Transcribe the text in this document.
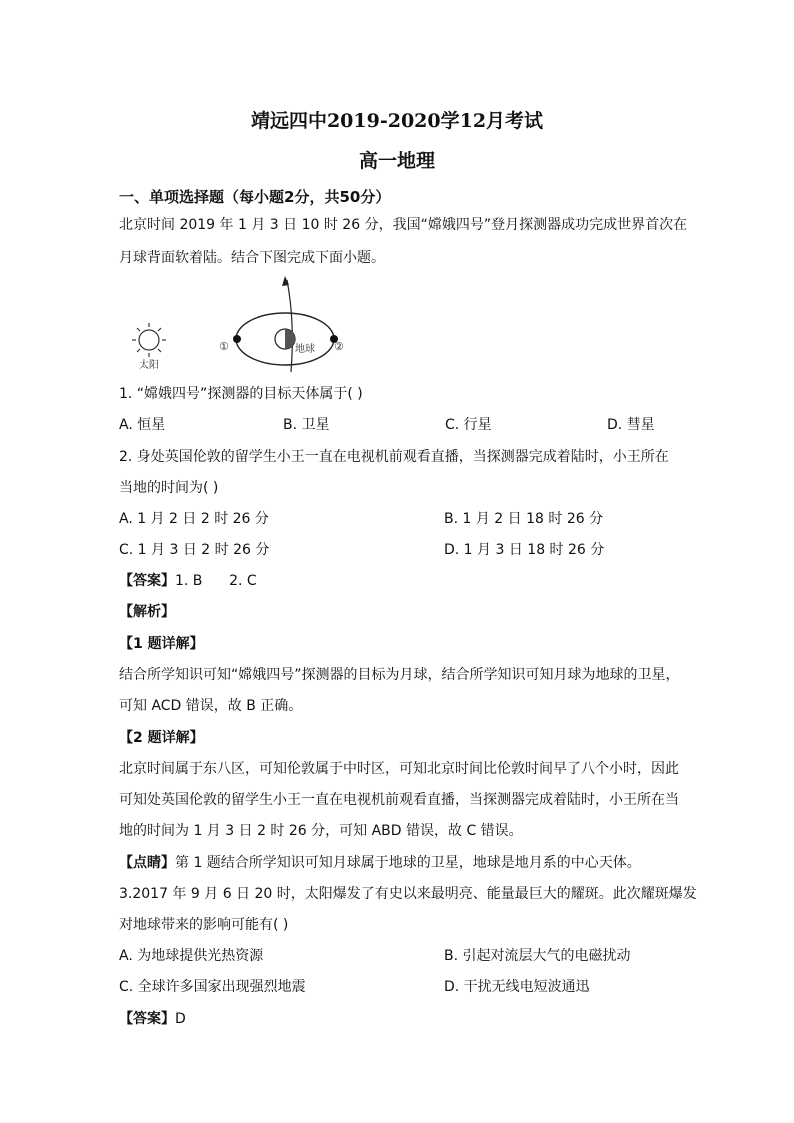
靖远四中2019-2020学12月考试
高一地理
一、单项选择题（每小题2分，共50分）
北京时间 2019 年 1 月 3 日 10 时 26 分，我国“嫦娥四号”登月探测器成功完成世界首次在
月球背面软着陆。结合下图完成下面小题。
太阳
地球
①	②
1. “嫦娥四号”探测器的目标天体属于( )
A. 恒星	B. 卫星	C. 行星	D. 彗星
2. 身处英国伦敦的留学生小王一直在电视机前观看直播，当探测器完成着陆时，小王所在
当地的时间为( )
A. 1 月 2 日 2 时 26 分	B. 1 月 2 日 18 时 26 分
C. 1 月 3 日 2 时 26 分	D. 1 月 3 日 18 时 26 分
【答案】1. B      2. C
【解析】
【1 题详解】
结合所学知识可知“嫦娥四号”探测器的目标为月球，结合所学知识可知月球为地球的卫星，
可知 ACD 错误，故 B 正确。
【2 题详解】
北京时间属于东八区，可知伦敦属于中时区，可知北京时间比伦敦时间早了八个小时，因此
可知处英国伦敦的留学生小王一直在电视机前观看直播，当探测器完成着陆时，小王所在当
地的时间为 1 月 3 日 2 时 26 分，可知 ABD 错误，故 C 错误。
【点睛】第 1 题结合所学知识可知月球属于地球的卫星，地球是地月系的中心天体。
3.2017 年 9 月 6 日 20 时，太阳爆发了有史以来最明亮、能量最巨大的耀斑。此次耀斑爆发
对地球带来的影响可能有( )
A. 为地球提供光热资源	B. 引起对流层大气的电磁扰动
C. 全球许多国家出现强烈地震	D. 干扰无线电短波通迅
【答案】D
